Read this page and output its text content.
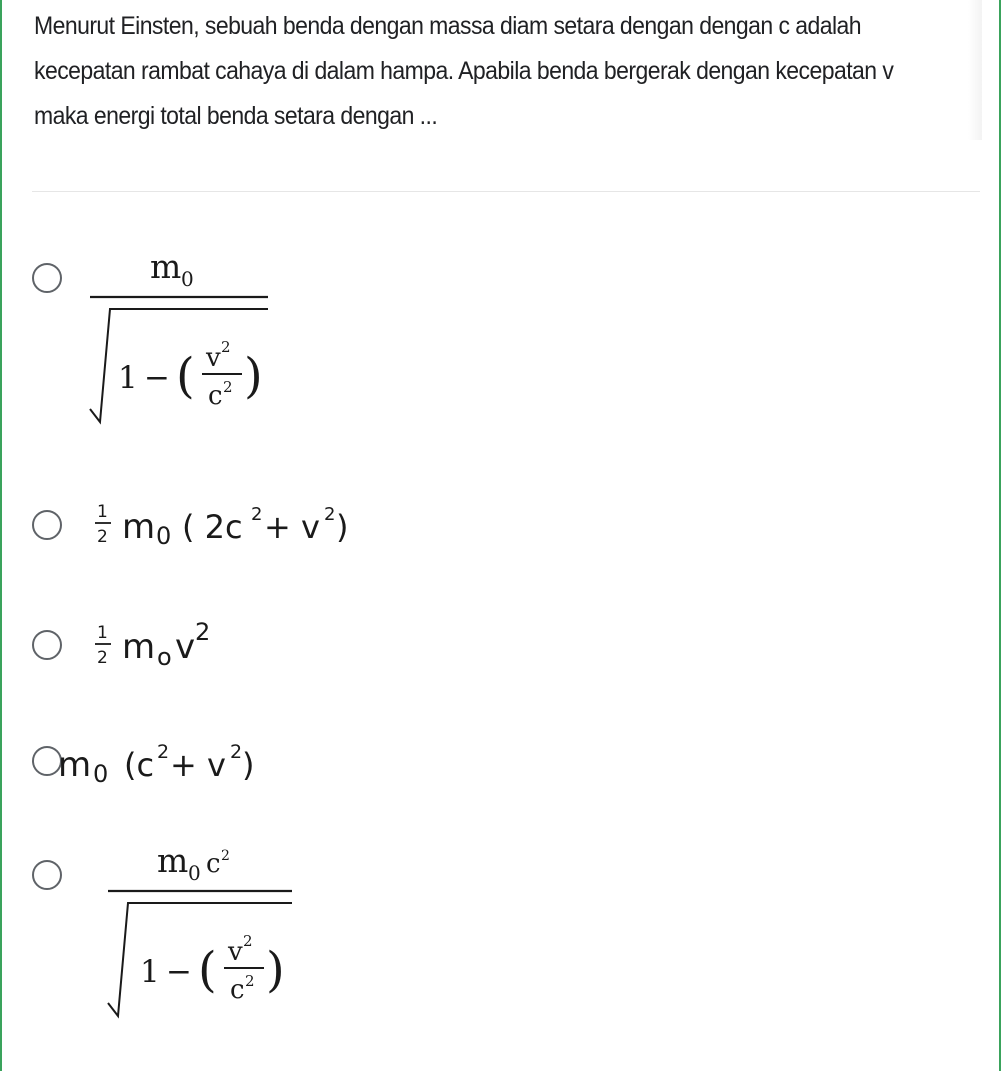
Menurut Einsten, sebuah benda dengan massa diam setara dengan dengan c adalah kecepatan rambat cahaya di dalam hampa. Apabila benda bergerak dengan kecepatan v maka energi total benda setara dengan ...
m 0
1 − ( v 2
c 2 )
1
2 m 0 ( 2c 2 + v 2 )
1
2 m o v 2
m 0 (c 2 + v 2 )
m 0 c 2
1 − ( v 2
c 2 )
